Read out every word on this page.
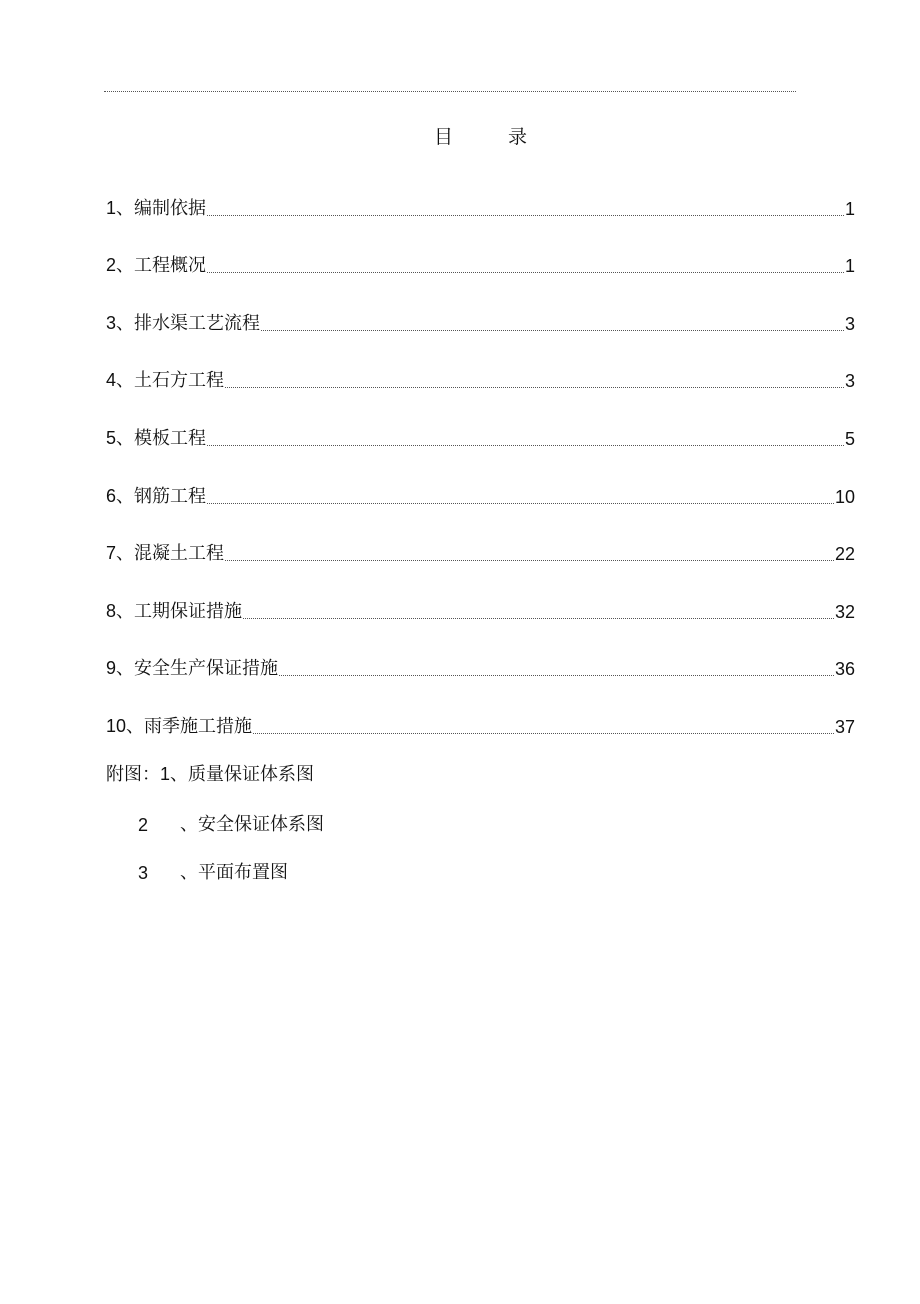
目	录
1、编制依据	1
2、工程概况	1
3、排水渠工艺流程	3
4、土石方工程	3
5、模板工程	5
6、钢筋工程	10
7、混凝土工程	22
8、工期保证措施	32
9、安全生产保证措施	36
10、雨季施工措施	37
附图：1、质量保证体系图
2 、安全保证体系图
3 、平面布置图
